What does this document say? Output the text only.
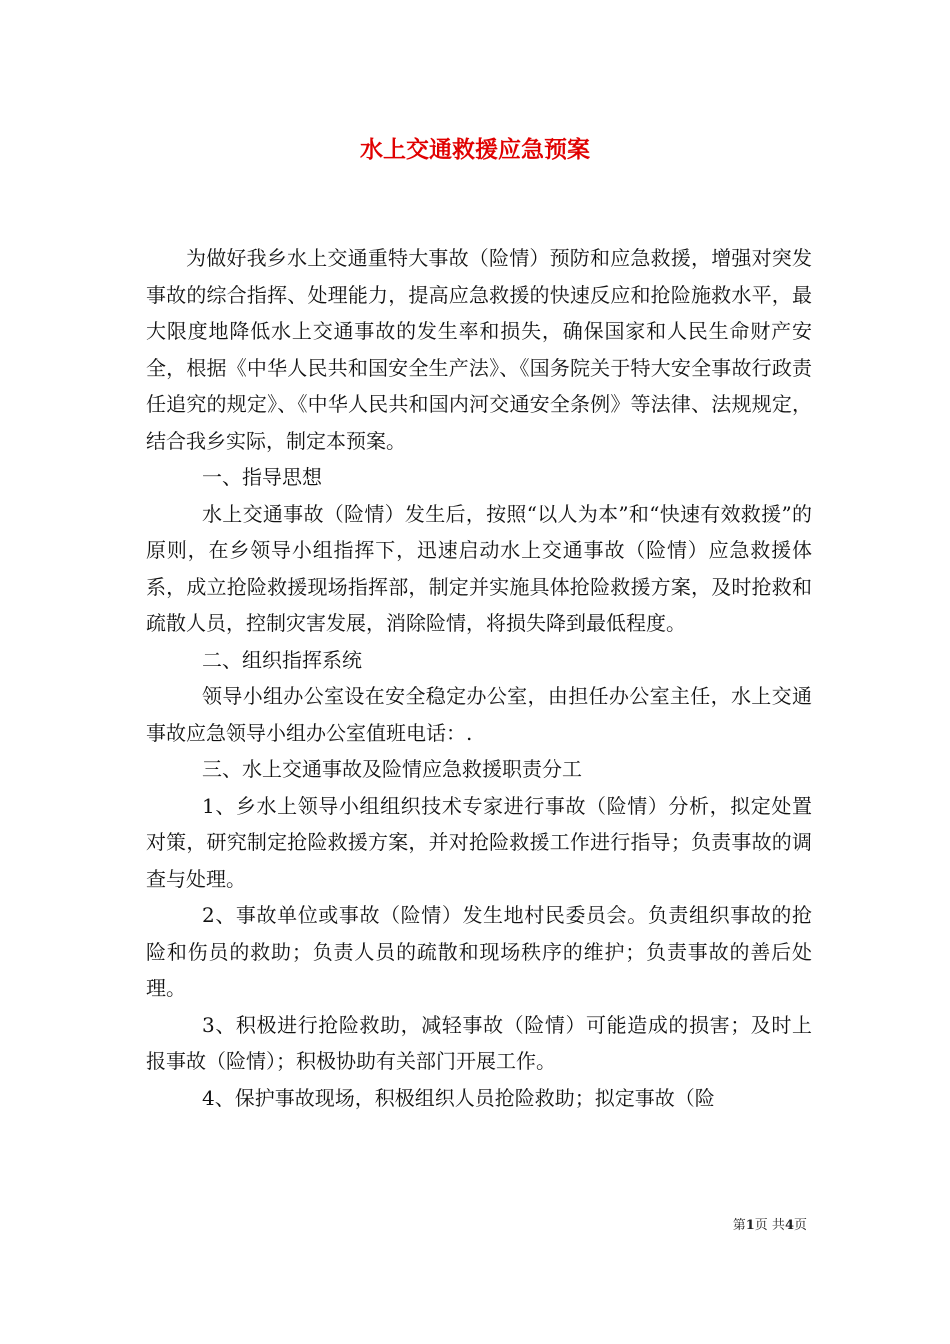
水上交通救援应急预案

为做好我乡水上交通重特大事故（险情）预防和应急救援，增强对突发事故的综合指挥、处理能力，提高应急救援的快速反应和抢险施救水平，最大限度地降低水上交通事故的发生率和损失，确保国家和人民生命财产安全，根据《中华人民共和国安全生产法》、《国务院关于特大安全事故行政责任追究的规定》、《中华人民共和国内河交通安全条例》等法律、法规规定，结合我乡实际，制定本预案。

一、指导思想

水上交通事故（险情）发生后，按照“以人为本”和“快速有效救援”的原则，在乡领导小组指挥下，迅速启动水上交通事故（险情）应急救援体系，成立抢险救援现场指挥部，制定并实施具体抢险救援方案，及时抢救和疏散人员，控制灾害发展，消除险情，将损失降到最低程度。

二、组织指挥系统

领导小组办公室设在安全稳定办公室，由担任办公室主任，水上交通事故应急领导小组办公室值班电话：.

三、水上交通事故及险情应急救援职责分工

1、乡水上领导小组组织技术专家进行事故（险情）分析，拟定处置对策，研究制定抢险救援方案，并对抢险救援工作进行指导；负责事故的调查与处理。

2、事故单位或事故（险情）发生地村民委员会。负责组织事故的抢险和伤员的救助；负责人员的疏散和现场秩序的维护；负责事故的善后处理。

3、积极进行抢险救助，减轻事故（险情）可能造成的损害；及时上报事故（险情）；积极协助有关部门开展工作。

4、保护事故现场，积极组织人员抢险救助；拟定事故（险

第1页 共4页
